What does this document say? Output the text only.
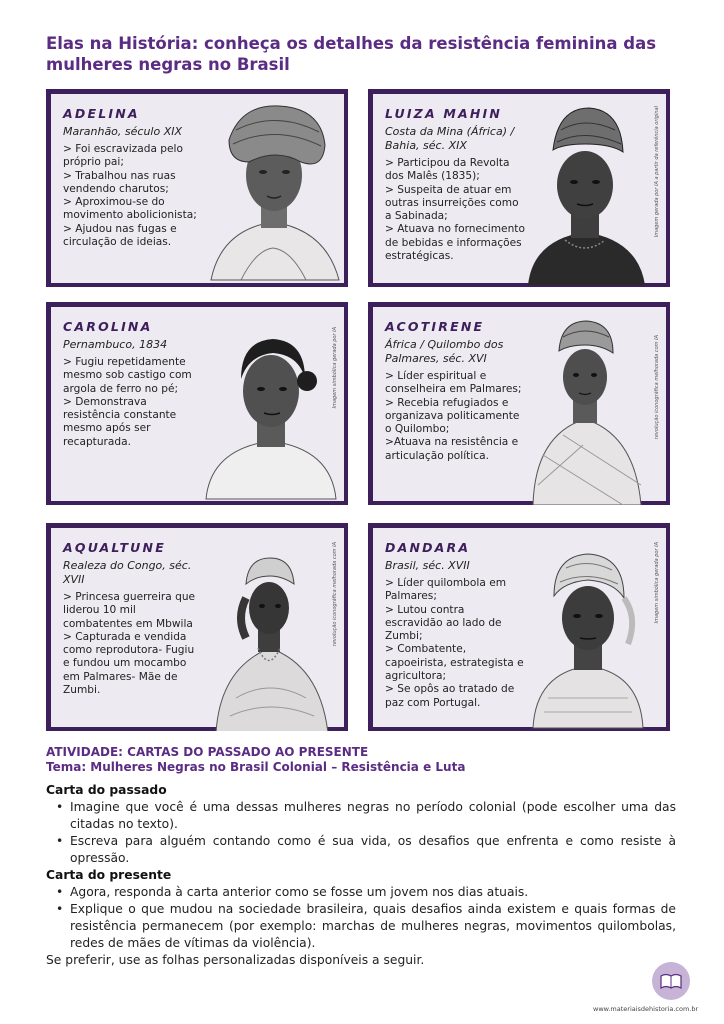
Elas na História: conheça os detalhes da resistência feminina das mulheres negras no Brasil
ADELINA
Maranhão, século XIX
> Foi escravizada pelo próprio pai;
> Trabalhou nas ruas vendendo charutos;
> Aproximou-se do movimento abolicionista;
> Ajudou nas fugas e circulação de ideias.
LUIZA MAHIN
Costa da Mina (África) / Bahia, séc. XIX
> Participou da Revolta dos Malês (1835);
> Suspeita de atuar em outras insurreições como a Sabinada;
> Atuava no fornecimento de bebidas e informações estratégicas.
Imagem gerada por IA a partir da referência original
CAROLINA
Pernambuco, 1834
> Fugiu repetidamente mesmo sob castigo com argola de ferro no pé;
> Demonstrava resistência constante mesmo após ser recapturada.
Imagem simbólica gerada por IA
ACOTIRENE
África / Quilombo dos Palmares, séc. XVI
> Líder espiritual e conselheira em Palmares;
> Recebia refugiados e organizava politicamente o Quilombo;
>Atuava na resistência e articulação política.
revolução iconográfica melhorada com IA
AQUALTUNE
Realeza do Congo, séc. XVII
> Princesa guerreira que liderou 10 mil combatentes em Mbwila
> Capturada e vendida como reprodutora- Fugiu e fundou um mocambo em Palmares- Mãe de Zumbi.
revolução iconográfica melhorada com IA	DANDARA
Brasil, séc. XVII
> Líder quilombola em Palmares;
> Lutou contra escravidão ao lado de Zumbi;
> Combatente, capoeirista, estrategista e agricultora;
> Se opôs ao tratado de paz com Portugal.
Imagem simbólica gerada por IA
ATIVIDADE: CARTAS DO PASSADO AO PRESENTE
Tema: Mulheres Negras no Brasil Colonial – Resistência e Luta
Carta do passado
• Imagine que você é uma dessas mulheres negras no período colonial (pode escolher uma das citadas no texto).
• Escreva para alguém contando como é sua vida, os desafios que enfrenta e como resiste à opressão.
Carta do presente
• Agora, responda à carta anterior como se fosse um jovem nos dias atuais.
• Explique o que mudou na sociedade brasileira, quais desafios ainda existem e quais formas de resistência permanecem (por exemplo: marchas de mulheres negras, movimentos quilombolas, redes de mães de vítimas da violência).
Se preferir, use as folhas personalizadas disponíveis a seguir.
www.materiaisdehistoria.com.br
